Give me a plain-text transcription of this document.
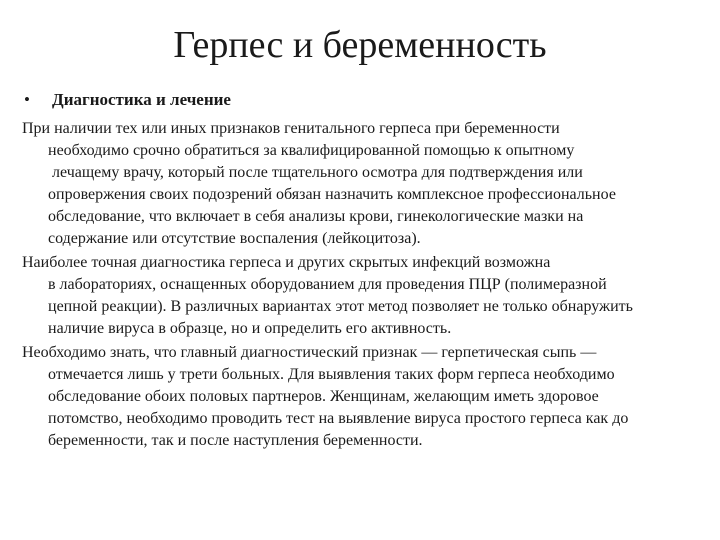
Герпес и беременность
• Диагностика и лечение

При наличии тех или иных признаков генитального герпеса при беременности
необходимо срочно обратиться за квалифицированной помощью к опытному
лечащему врачу, который после тщательного осмотра для подтверждения или
опровержения своих подозрений обязан назначить комплексное профессиональное
обследование, что включает в себя анализы крови, гинекологические мазки на
содержание или отсутствие воспаления (лейкоцитоза).

Наиболее точная диагностика герпеса и других скрытых инфекций возможна
в лабораториях, оснащенных оборудованием для проведения ПЦР (полимеразной
цепной реакции). В различных вариантах этот метод позволяет не только обнаружить
наличие вируса в образце, но и определить его активность.

Необходимо знать, что главный диагностический признак — герпетическая сыпь —
отмечается лишь у трети больных. Для выявления таких форм герпеса необходимо
обследование обоих половых партнеров. Женщинам, желающим иметь здоровое
потомство, необходимо проводить тест на выявление вируса простого герпеса как до
беременности, так и после наступления беременности.
